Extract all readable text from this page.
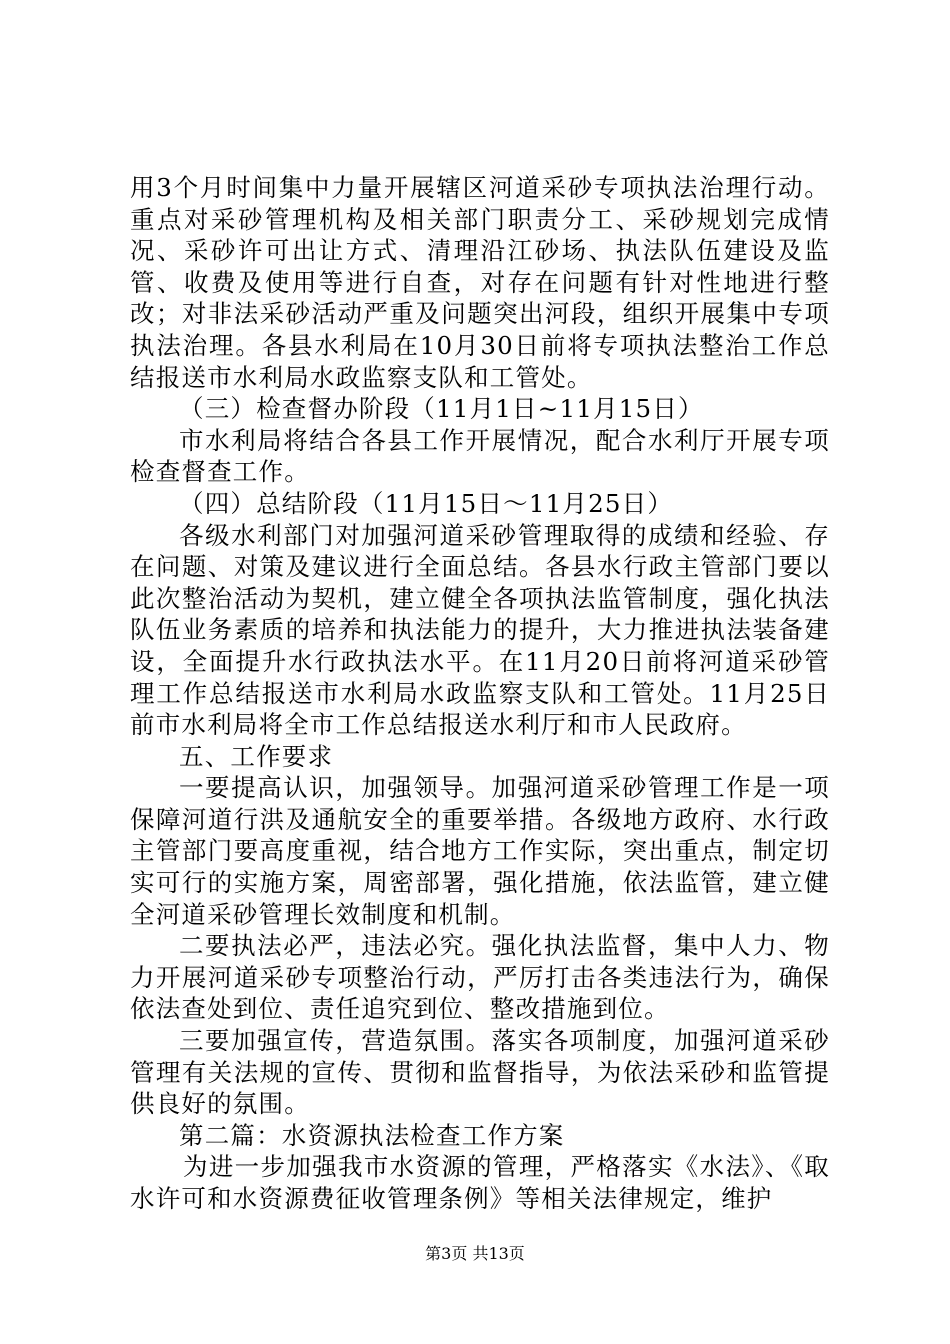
用3个月时间集中力量开展辖区河道采砂专项执法治理行动。重点对采砂管理机构及相关部门职责分工、采砂规划完成情况、采砂许可出让方式、清理沿江砂场、执法队伍建设及监管、收费及使用等进行自查，对存在问题有针对性地进行整改；对非法采砂活动严重及问题突出河段，组织开展集中专项执法治理。各县水利局在10月30日前将专项执法整治工作总结报送市水利局水政监察支队和工管处。

（三）检查督办阶段（11月1日~11月15日）

市水利局将结合各县工作开展情况，配合水利厅开展专项检查督查工作。

（四）总结阶段（11月15日～11月25日）

各级水利部门对加强河道采砂管理取得的成绩和经验、存在问题、对策及建议进行全面总结。各县水行政主管部门要以此次整治活动为契机，建立健全各项执法监管制度，强化执法队伍业务素质的培养和执法能力的提升，大力推进执法装备建设，全面提升水行政执法水平。在11月20日前将河道采砂管理工作总结报送市水利局水政监察支队和工管处。11月25日前市水利局将全市工作总结报送水利厅和市人民政府。

五、工作要求

一要提高认识，加强领导。加强河道采砂管理工作是一项保障河道行洪及通航安全的重要举措。各级地方政府、水行政主管部门要高度重视，结合地方工作实际，突出重点，制定切实可行的实施方案，周密部署，强化措施，依法监管，建立健全河道采砂管理长效制度和机制。

二要执法必严，违法必究。强化执法监督，集中人力、物力开展河道采砂专项整治行动，严厉打击各类违法行为，确保依法查处到位、责任追究到位、整改措施到位。

三要加强宣传，营造氛围。落实各项制度，加强河道采砂管理有关法规的宣传、贯彻和监督指导，为依法采砂和监管提供良好的氛围。

第二篇：水资源执法检查工作方案

为进一步加强我市水资源的管理，严格落实《水法》、《取水许可和水资源费征收管理条例》等相关法律规定，维护

第3页 共13页
